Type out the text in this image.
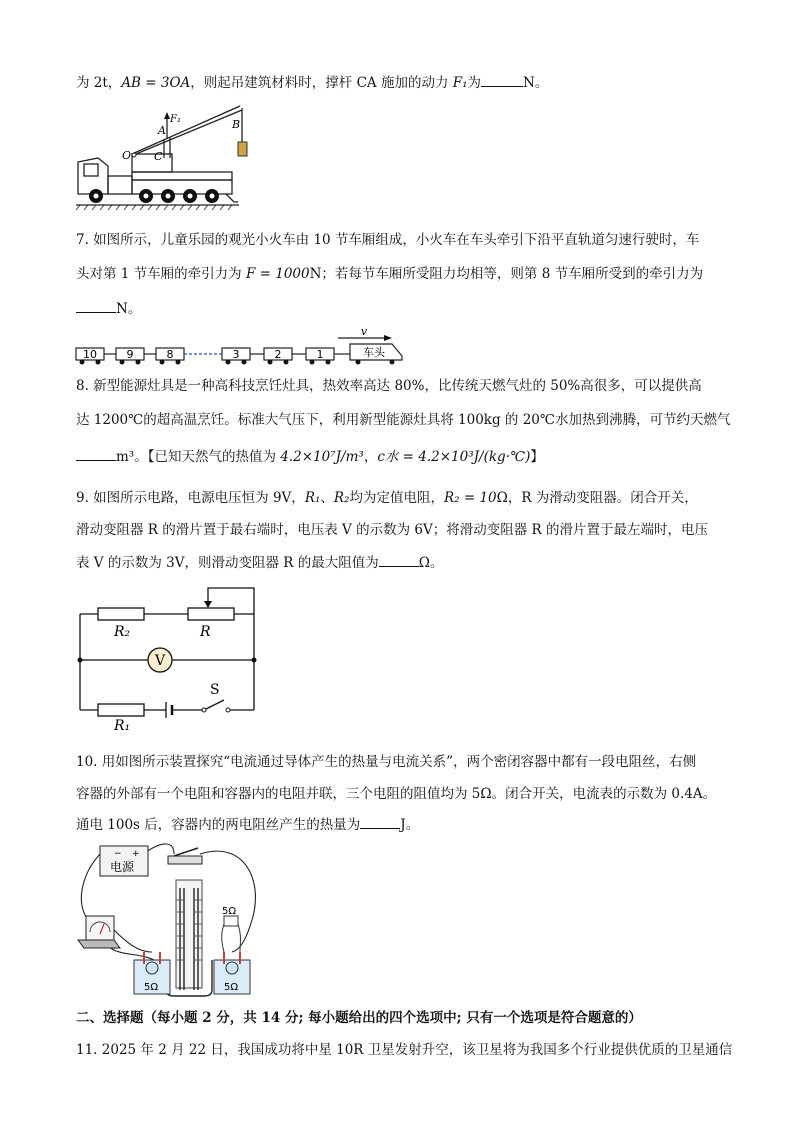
为 2t，AB = 3OA，则起吊建筑材料时，撑杆 CA 施加的动力 F₁为	N。
F₁
A	B
O C
7. 如图所示，儿童乐园的观光小火车由 10 节车厢组成，小火车在车头牵引下沿平直轨道匀速行驶时，车
头对第 1 节车厢的牵引力为 F = 1000N；若每节车厢所受阻力均相等，则第 8 节车厢所受到的牵引力为
N。
10	9	8	3	2	1	车头
v
8. 新型能源灶具是一种高科技烹饪灶具，热效率高达 80%，比传统天燃气灶的 50%高很多，可以提供高
达 1200℃的超高温烹饪。标准大气压下，利用新型能源灶具将 100kg 的 20℃水加热到沸腾，可节约天燃气
m³。【已知天然气的热值为 4.2×10⁷J/m³，c水 = 4.2×10³J/(kg·℃)】
9. 如图所示电路，电源电压恒为 9V，R₁、R₂均为定值电阻，R₂ = 10Ω，R 为滑动变阻器。闭合开关，
滑动变阻器 R 的滑片置于最右端时，电压表 V 的示数为 6V；将滑动变阻器 R 的滑片置于最左端时，电压
表 V 的示数为 3V，则滑动变阻器 R 的最大阻值为	Ω。
R₂	R
V
S
R₁
10. 用如图所示装置探究“电流通过导体产生的热量与电流关系”，两个密闭容器中都有一段电阻丝，右侧
容器的外部有一个电阻和容器内的电阻并联，三个电阻的阻值均为 5Ω。闭合开关，电流表的示数为 0.4A。
通电 100s 后，容器内的两电阻丝产生的热量为	J。
− +
电源
5Ω
5Ω	5Ω
二、选择题（每小题 2 分，共 14 分; 每小题给出的四个选项中; 只有一个选项是符合题意的）
11. 2025 年 2 月 22 日，我国成功将中星 10R 卫星发射升空，该卫星将为我国多个行业提供优质的卫星通信
